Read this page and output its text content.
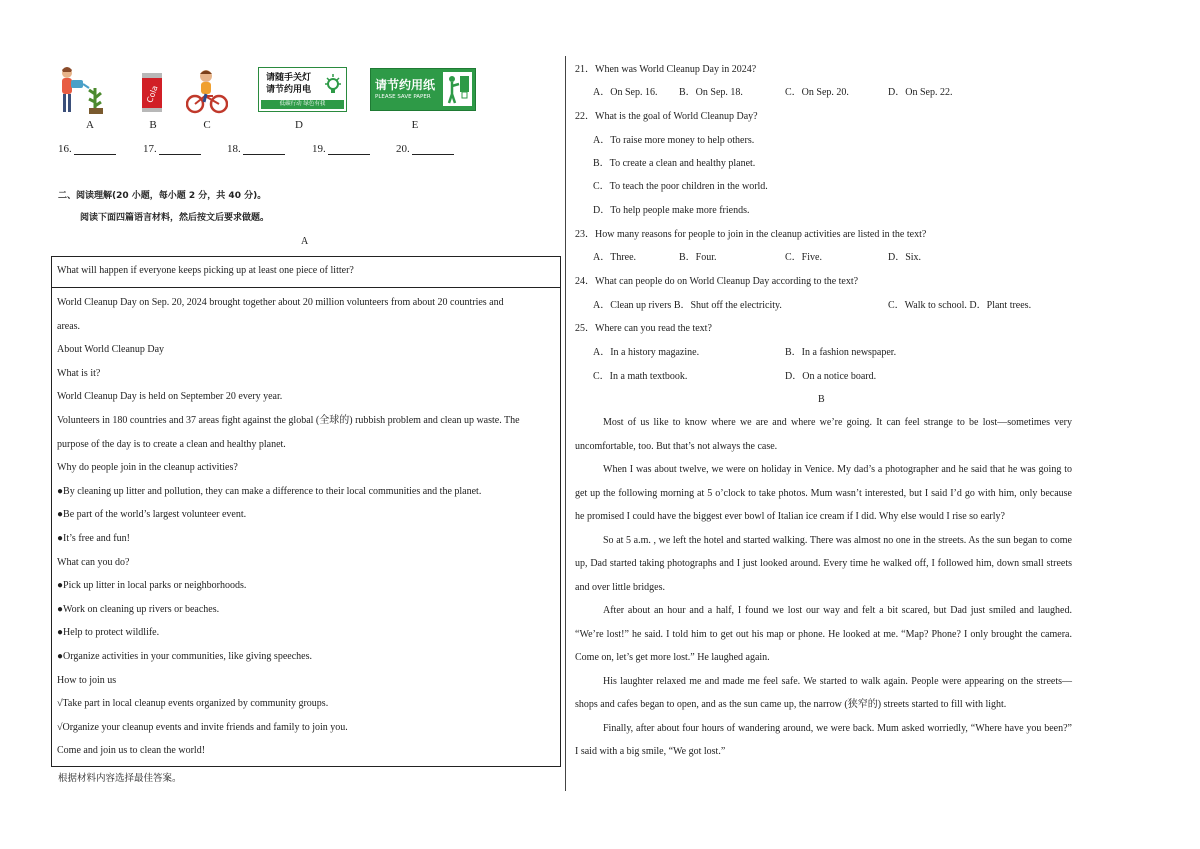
A
Cola
B	C
请随手关灯
请节约用电
低碳行动 绿色有我
D
请节约用纸
PLEASE SAVE PAPER
E
16.	17.	18.	19.	20.
二、阅读理解(20 小题，每小题 2 分，共 40 分)。
阅读下面四篇语言材料，然后按文后要求做题。
A
What will happen if everyone keeps picking up at least one piece of litter?
World Cleanup Day on Sep. 20, 2024 brought together about 20 million volunteers from about 20 countries and
areas.
About World Cleanup Day
What is it?
World Cleanup Day is held on September 20 every year.
Volunteers in 180 countries and 37 areas fight against the global (全球的) rubbish problem and clean up waste. The
purpose of the day is to create a clean and healthy planet.
Why do people join in the cleanup activities?
●By cleaning up litter and pollution, they can make a difference to their local communities and the planet.
●Be part of the world’s largest volunteer event.
●It’s free and fun!
What can you do?
●Pick up litter in local parks or neighborhoods.
●Work on cleaning up rivers or beaches.
●Help to protect wildlife.
●Organize activities in your communities, like giving speeches.
How to join us
√Take part in local cleanup events organized by community groups.
√Organize your cleanup events and invite friends and family to join you.
Come and join us to clean the world!
根据材料内容选择最佳答案。
21．When was World Cleanup Day in 2024?
A．On Sep. 16. B．On Sep. 18.	C．On Sep. 20.	D．On Sep. 22.
22．What is the goal of World Cleanup Day?
A．To raise more money to help others.
B．To create a clean and healthy planet.
C．To teach the poor children in the world.
D．To help people make more friends.
23．How many reasons for people to join in the cleanup activities are listed in the text?
A．Three.	B．Four.	C．Five.	D．Six.
24．What can people do on World Cleanup Day according to the text?
A．Clean up rivers B．Shut off the electricity.	C．Walk to school. D．Plant trees.
25．Where can you read the text?
A．In a history magazine.	B．In a fashion newspaper.
C．In a math textbook.	D．On a notice board.
B

Most of us like to know where we are and where we’re going. It can feel strange to be lost—sometimes very uncomfortable, too. But that’s not always the case.

When I was about twelve, we were on holiday in Venice. My dad’s a photographer and he said that he was going to get up the following morning at 5 o’clock to take photos. Mum wasn’t interested, but I said I’d go with him, only because he promised I could have the biggest ever bowl of Italian ice cream if I did. Why else would I rise so early?

So at 5 a.m. , we left the hotel and started walking. There was almost no one in the streets. As the sun began to come up, Dad started taking photographs and I just looked around. Every time he walked off, I followed him, down small streets and over little bridges.

After about an hour and a half, I found we lost our way and felt a bit scared, but Dad just smiled and laughed. “We’re lost!” he said. I told him to get out his map or phone. He looked at me. “Map? Phone? I only brought the camera. Come on, let’s get more lost.” He laughed again.

His laughter relaxed me and made me feel safe. We started to walk again. People were appearing on the streets—shops and cafes began to open, and as the sun came up, the narrow (狭窄的) streets started to fill with light.

Finally, after about four hours of wandering around, we were back. Mum asked worriedly, “Where have you been?” I said with a big smile, “We got lost.”
